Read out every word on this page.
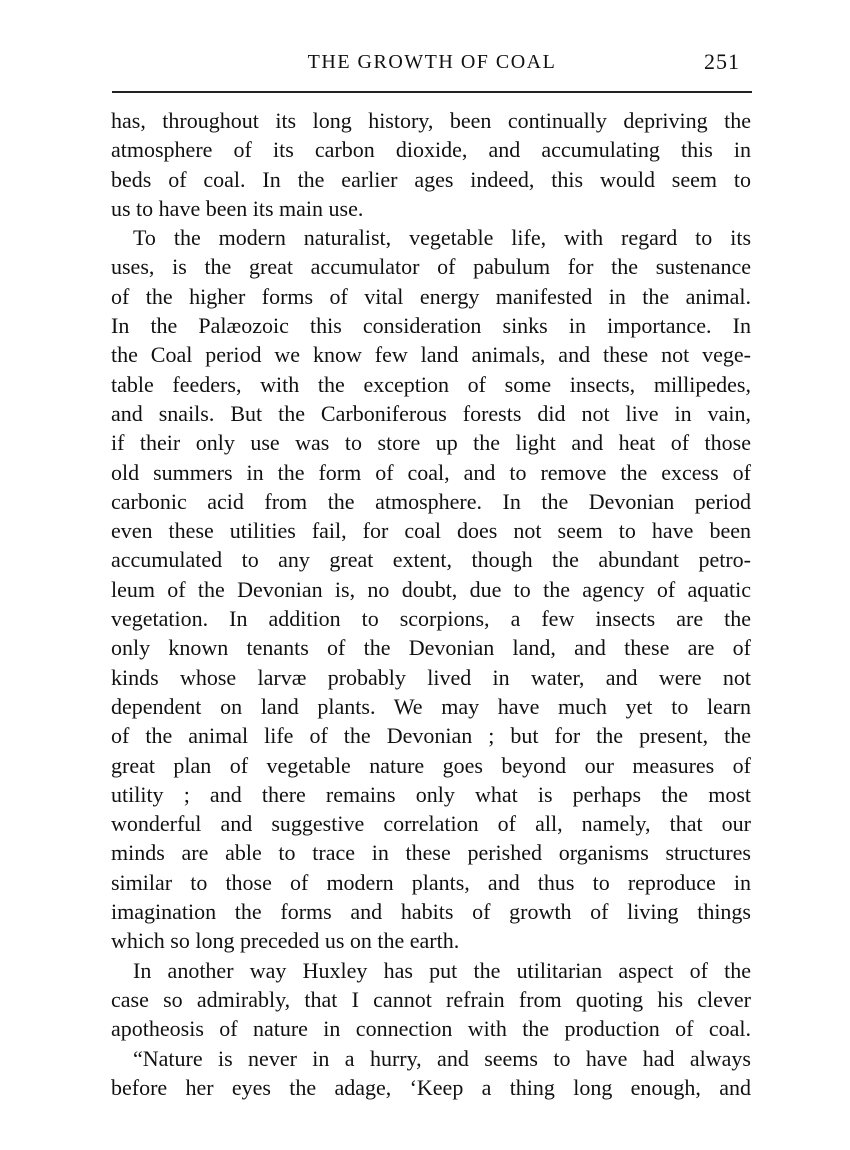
THE GROWTH OF COAL	251
has, throughout its long history, been continually depriving the
atmosphere of its carbon dioxide, and accumulating this in
beds of coal. In the earlier ages indeed, this would seem to
us to have been its main use.
To the modern naturalist, vegetable life, with regard to its
uses, is the great accumulator of pabulum for the sustenance
of the higher forms of vital energy manifested in the animal.
In the Palæozoic this consideration sinks in importance. In
the Coal period we know few land animals, and these not vege-
table feeders, with the exception of some insects, millipedes,
and snails. But the Carboniferous forests did not live in vain,
if their only use was to store up the light and heat of those
old summers in the form of coal, and to remove the excess of
carbonic acid from the atmosphere. In the Devonian period
even these utilities fail, for coal does not seem to have been
accumulated to any great extent, though the abundant petro-
leum of the Devonian is, no doubt, due to the agency of aquatic
vegetation. In addition to scorpions, a few insects are the
only known tenants of the Devonian land, and these are of
kinds whose larvæ probably lived in water, and were not
dependent on land plants. We may have much yet to learn
of the animal life of the Devonian ; but for the present, the
great plan of vegetable nature goes beyond our measures of
utility ; and there remains only what is perhaps the most
wonderful and suggestive correlation of all, namely, that our
minds are able to trace in these perished organisms structures
similar to those of modern plants, and thus to reproduce in
imagination the forms and habits of growth of living things
which so long preceded us on the earth.
In another way Huxley has put the utilitarian aspect of the
case so admirably, that I cannot refrain from quoting his clever
apotheosis of nature in connection with the production of coal.
“Nature is never in a hurry, and seems to have had always
before her eyes the adage, ‘Keep a thing long enough, and
